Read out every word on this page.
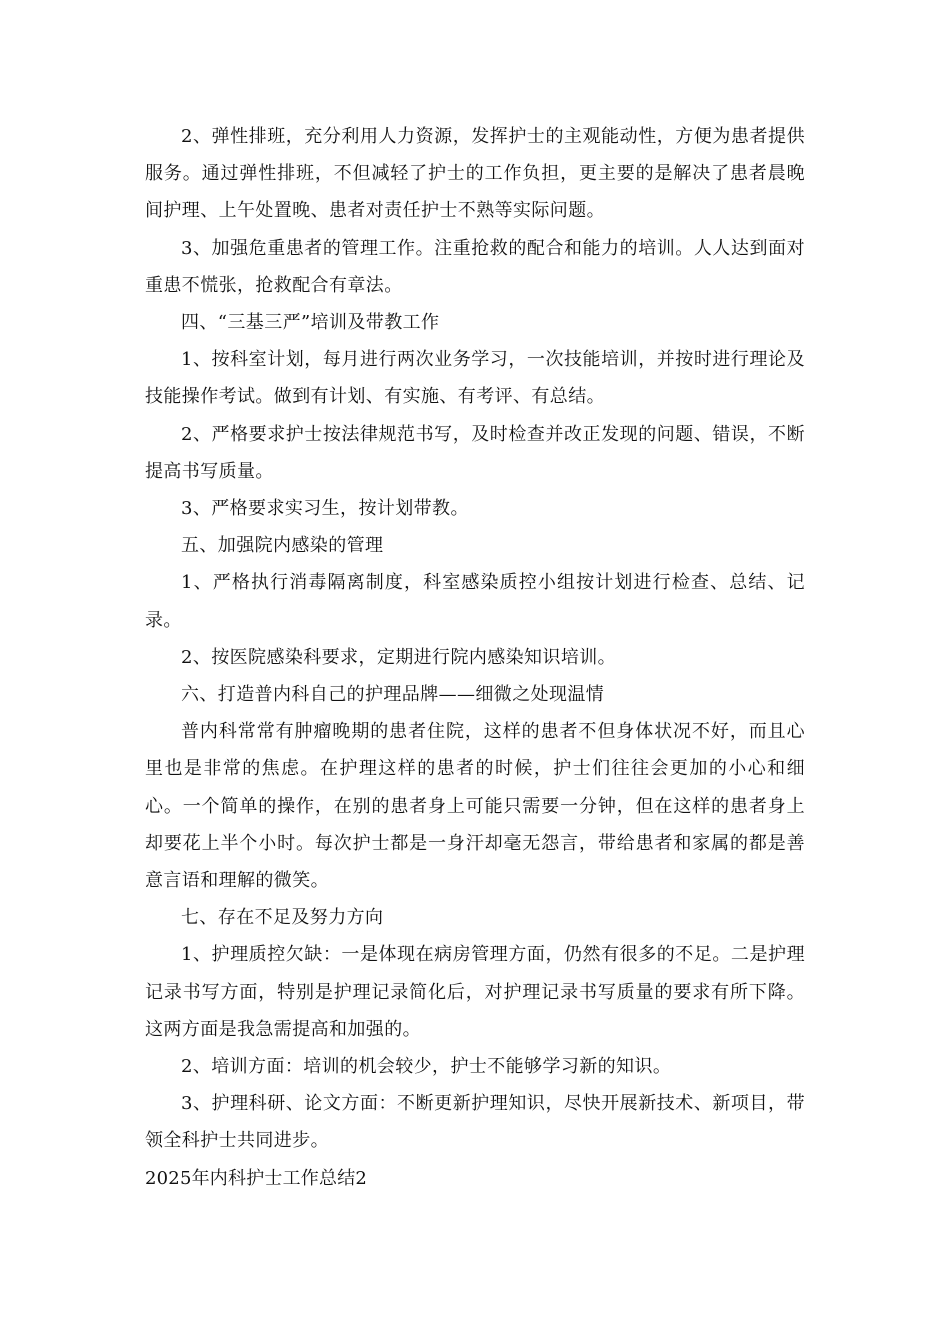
2、弹性排班，充分利用人力资源，发挥护士的主观能动性，方便为患者提供服务。通过弹性排班，不但减轻了护士的工作负担，更主要的是解决了患者晨晚间护理、上午处置晚、患者对责任护士不熟等实际问题。

3、加强危重患者的管理工作。注重抢救的配合和能力的培训。人人达到面对重患不慌张，抢救配合有章法。

四、“三基三严”培训及带教工作

1、按科室计划，每月进行两次业务学习，一次技能培训，并按时进行理论及技能操作考试。做到有计划、有实施、有考评、有总结。

2、严格要求护士按法律规范书写，及时检查并改正发现的问题、错误，不断提高书写质量。

3、严格要求实习生，按计划带教。

五、加强院内感染的管理

1、严格执行消毒隔离制度，科室感染质控小组按计划进行检查、总结、记录。

2、按医院感染科要求，定期进行院内感染知识培训。

六、打造普内科自己的护理品牌——细微之处现温情

普内科常常有肿瘤晚期的患者住院，这样的患者不但身体状况不好，而且心里也是非常的焦虑。在护理这样的患者的时候，护士们往往会更加的小心和细心。一个简单的操作，在别的患者身上可能只需要一分钟，但在这样的患者身上却要花上半个小时。每次护士都是一身汗却毫无怨言，带给患者和家属的都是善意言语和理解的微笑。

七、存在不足及努力方向

1、护理质控欠缺：一是体现在病房管理方面，仍然有很多的不足。二是护理记录书写方面，特别是护理记录简化后，对护理记录书写质量的要求有所下降。这两方面是我急需提高和加强的。

2、培训方面：培训的机会较少，护士不能够学习新的知识。

3、护理科研、论文方面：不断更新护理知识，尽快开展新技术、新项目，带领全科护士共同进步。

2025年内科护士工作总结2
